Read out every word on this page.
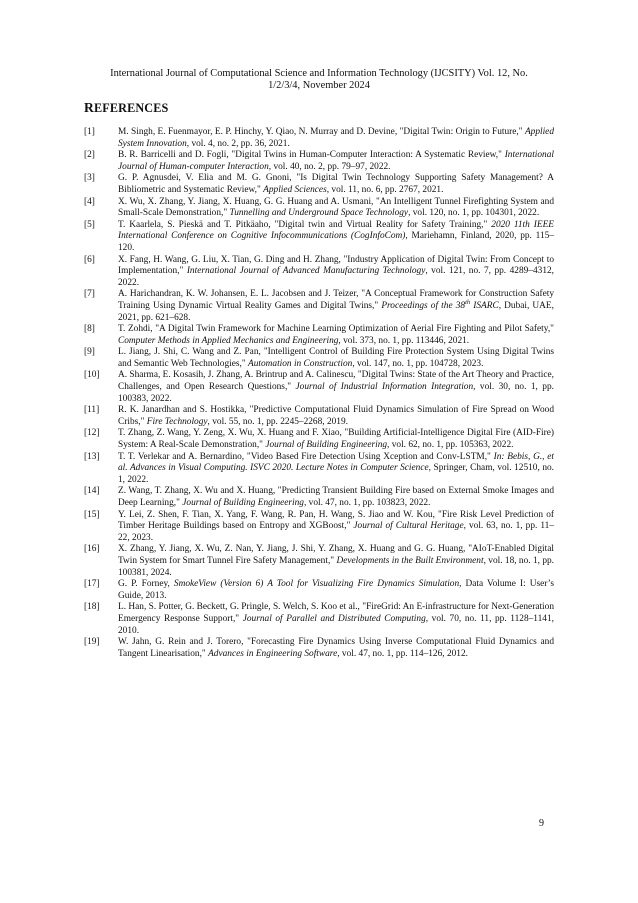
International Journal of Computational Science and Information Technology (IJCSITY) Vol. 12, No.
1/2/3/4, November 2024
REFERENCES
[1]	M. Singh, E. Fuenmayor, E. P. Hinchy, Y. Qiao, N. Murray and D. Devine, "Digital Twin: Origin to Future," Applied System Innovation, vol. 4, no. 2, pp. 36, 2021.
[2]	B. R. Barricelli and D. Fogli, "Digital Twins in Human-Computer Interaction: A Systematic Review," International Journal of Human-computer Interaction, vol. 40, no. 2, pp. 79–97, 2022.
[3]	G. P. Agnusdei, V. Elia and M. G. Gnoni, "Is Digital Twin Technology Supporting Safety Management? A Bibliometric and Systematic Review," Applied Sciences, vol. 11, no. 6, pp. 2767, 2021.
[4]	X. Wu, X. Zhang, Y. Jiang, X. Huang, G. G. Huang and A. Usmani, "An Intelligent Tunnel Firefighting System and Small-Scale Demonstration," Tunnelling and Underground Space Technology, vol. 120, no. 1, pp. 104301, 2022.
[5]	T. Kaarlela, S. Pieskä and T. Pitkäaho, "Digital twin and Virtual Reality for Safety Training," 2020 11th IEEE International Conference on Cognitive Infocommunications (CogInfoCom), Mariehamn, Finland, 2020, pp. 115–120.
[6]	X. Fang, H. Wang, G. Liu, X. Tian, G. Ding and H. Zhang, "Industry Application of Digital Twin: From Concept to Implementation," International Journal of Advanced Manufacturing Technology, vol. 121, no. 7, pp. 4289–4312, 2022.
[7]	A. Harichandran, K. W. Johansen, E. L. Jacobsen and J. Teizer, "A Conceptual Framework for Construction Safety Training Using Dynamic Virtual Reality Games and Digital Twins," Proceedings of the 38th ISARC, Dubai, UAE, 2021, pp. 621–628.
[8]	T. Zohdi, "A Digital Twin Framework for Machine Learning Optimization of Aerial Fire Fighting and Pilot Safety," Computer Methods in Applied Mechanics and Engineering, vol. 373, no. 1, pp. 113446, 2021.
[9]	L. Jiang, J. Shi, C. Wang and Z. Pan, "Intelligent Control of Building Fire Protection System Using Digital Twins and Semantic Web Technologies," Automation in Construction, vol. 147, no. 1, pp. 104728, 2023.
[10]	A. Sharma, E. Kosasih, J. Zhang, A. Brintrup and A. Calinescu, "Digital Twins: State of the Art Theory and Practice, Challenges, and Open Research Questions," Journal of Industrial Information Integration, vol. 30, no. 1, pp. 100383, 2022.
[11]	R. K. Janardhan and S. Hostikka, "Predictive Computational Fluid Dynamics Simulation of Fire Spread on Wood Cribs," Fire Technology, vol. 55, no. 1, pp. 2245–2268, 2019.
[12]	T. Zhang, Z. Wang, Y. Zeng, X. Wu, X. Huang and F. Xiao, "Building Artificial-Intelligence Digital Fire (AID-Fire) System: A Real-Scale Demonstration," Journal of Building Engineering, vol. 62, no. 1, pp. 105363, 2022.
[13]	T. T. Verlekar and A. Bernardino, "Video Based Fire Detection Using Xception and Conv-LSTM," In: Bebis, G., et al. Advances in Visual Computing. ISVC 2020. Lecture Notes in Computer Science, Springer, Cham, vol. 12510, no. 1, 2022.
[14]	Z. Wang, T. Zhang, X. Wu and X. Huang, "Predicting Transient Building Fire based on External Smoke Images and Deep Learning," Journal of Building Engineering, vol. 47, no. 1, pp. 103823, 2022.
[15]	Y. Lei, Z. Shen, F. Tian, X. Yang, F. Wang, R. Pan, H. Wang, S. Jiao and W. Kou, "Fire Risk Level Prediction of Timber Heritage Buildings based on Entropy and XGBoost," Journal of Cultural Heritage, vol. 63, no. 1, pp. 11–22, 2023.
[16]	X. Zhang, Y. Jiang, X. Wu, Z. Nan, Y. Jiang, J. Shi, Y. Zhang, X. Huang and G. G. Huang, "AIoT-Enabled Digital Twin System for Smart Tunnel Fire Safety Management," Developments in the Built Environment, vol. 18, no. 1, pp. 100381, 2024.
[17]	G. P. Forney, SmokeView (Version 6) A Tool for Visualizing Fire Dynamics Simulation, Data Volume I: User’s Guide, 2013.
[18]	L. Han, S. Potter, G. Beckett, G. Pringle, S. Welch, S. Koo et al., "FireGrid: An E-infrastructure for Next-Generation Emergency Response Support," Journal of Parallel and Distributed Computing, vol. 70, no. 11, pp. 1128–1141, 2010.
[19]	W. Jahn, G. Rein and J. Torero, "Forecasting Fire Dynamics Using Inverse Computational Fluid Dynamics and Tangent Linearisation," Advances in Engineering Software, vol. 47, no. 1, pp. 114–126, 2012.
9
